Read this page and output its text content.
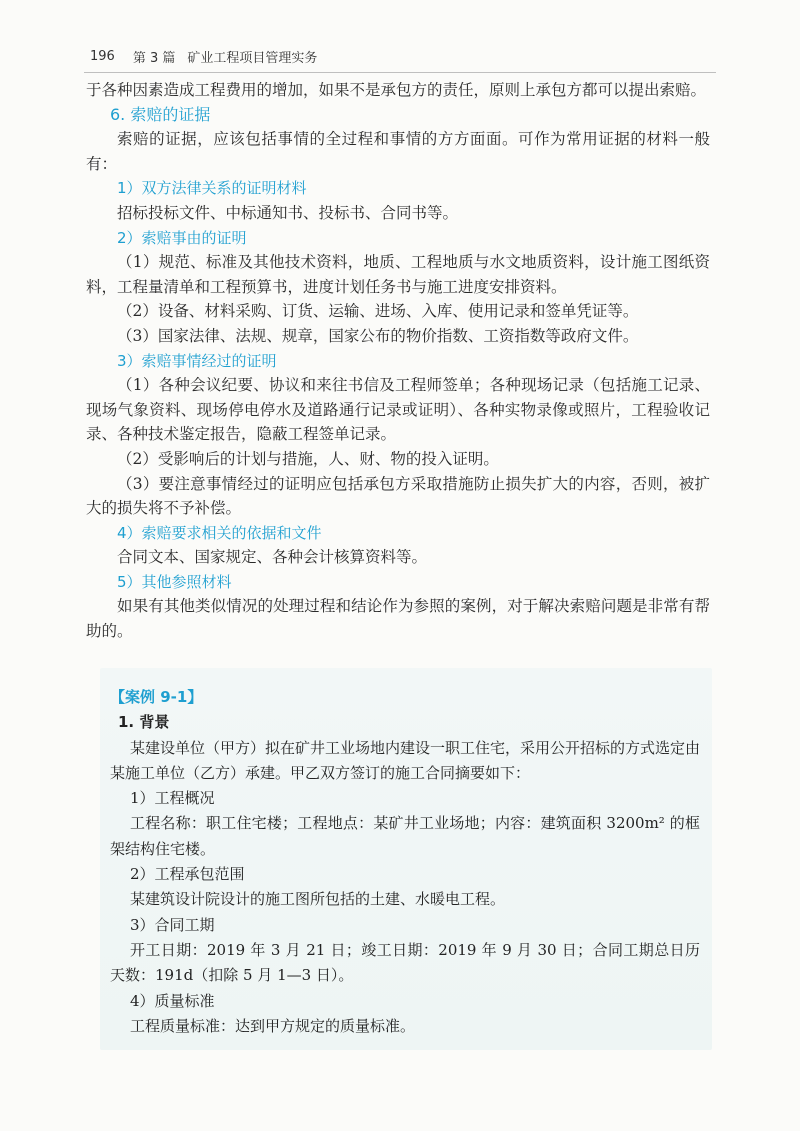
196 第 3 篇 矿业工程项目管理实务

于各种因素造成工程费用的增加，如果不是承包方的责任，原则上承包方都可以提出索赔。

6. 索赔的证据

索赔的证据，应该包括事情的全过程和事情的方方面面。可作为常用证据的材料一般有：

1）双方法律关系的证明材料

招标投标文件、中标通知书、投标书、合同书等。

2）索赔事由的证明

（1）规范、标准及其他技术资料，地质、工程地质与水文地质资料，设计施工图纸资料，工程量清单和工程预算书，进度计划任务书与施工进度安排资料。

（2）设备、材料采购、订货、运输、进场、入库、使用记录和签单凭证等。

（3）国家法律、法规、规章，国家公布的物价指数、工资指数等政府文件。

3）索赔事情经过的证明

（1）各种会议纪要、协议和来往书信及工程师签单；各种现场记录（包括施工记录、现场气象资料、现场停电停水及道路通行记录或证明）、各种实物录像或照片，工程验收记录、各种技术鉴定报告，隐蔽工程签单记录。

（2）受影响后的计划与措施，人、财、物的投入证明。

（3）要注意事情经过的证明应包括承包方采取措施防止损失扩大的内容，否则，被扩大的损失将不予补偿。

4）索赔要求相关的依据和文件

合同文本、国家规定、各种会计核算资料等。

5）其他参照材料

如果有其他类似情况的处理过程和结论作为参照的案例，对于解决索赔问题是非常有帮助的。

【案例 9-1】

1. 背景

某建设单位（甲方）拟在矿井工业场地内建设一职工住宅，采用公开招标的方式选定由某施工单位（乙方）承建。甲乙双方签订的施工合同摘要如下：

1）工程概况

工程名称：职工住宅楼；工程地点：某矿井工业场地；内容：建筑面积 3200m² 的框架结构住宅楼。

2）工程承包范围

某建筑设计院设计的施工图所包括的土建、水暖电工程。

3）合同工期

开工日期：2019 年 3 月 21 日；竣工日期：2019 年 9 月 30 日；合同工期总日历天数：191d（扣除 5 月 1—3 日）。

4）质量标准

工程质量标准：达到甲方规定的质量标准。
